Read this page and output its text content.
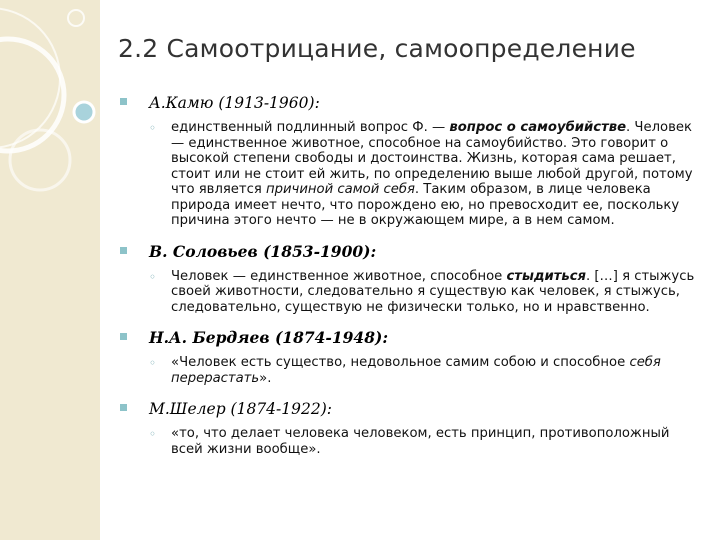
2.2 Самоотрицание, самоопределение
А.Камю (1913-1960):
◦ единственный подлинный вопрос Ф. — вопрос о самоубийстве. Человек — единственное животное, способное на самоубийство. Это говорит о высокой степени свободы и достоинства. Жизнь, которая сама решает, стоит или не стоит ей жить, по определению выше любой другой, потому что является причиной самой себя. Таким образом, в лице человека природа имеет нечто, что порождено ею, но превосходит ее, поскольку причина этого нечто — не в окружающем мире, а в нем самом.
В. Соловьев (1853-1900):
◦ Человек — единственное животное, способное стыдиться. […] я стыжусь своей животности, следовательно я существую как человек, я стыжусь, следовательно, существую не физически только, но и нравственно.
Н.А. Бердяев (1874-1948):
◦ «Человек есть существо, недовольное самим собою и способное себя перерастать».
М.Шелер (1874-1922):
◦ «то, что делает человека человеком, есть принцип, противоположный всей жизни вообще».
